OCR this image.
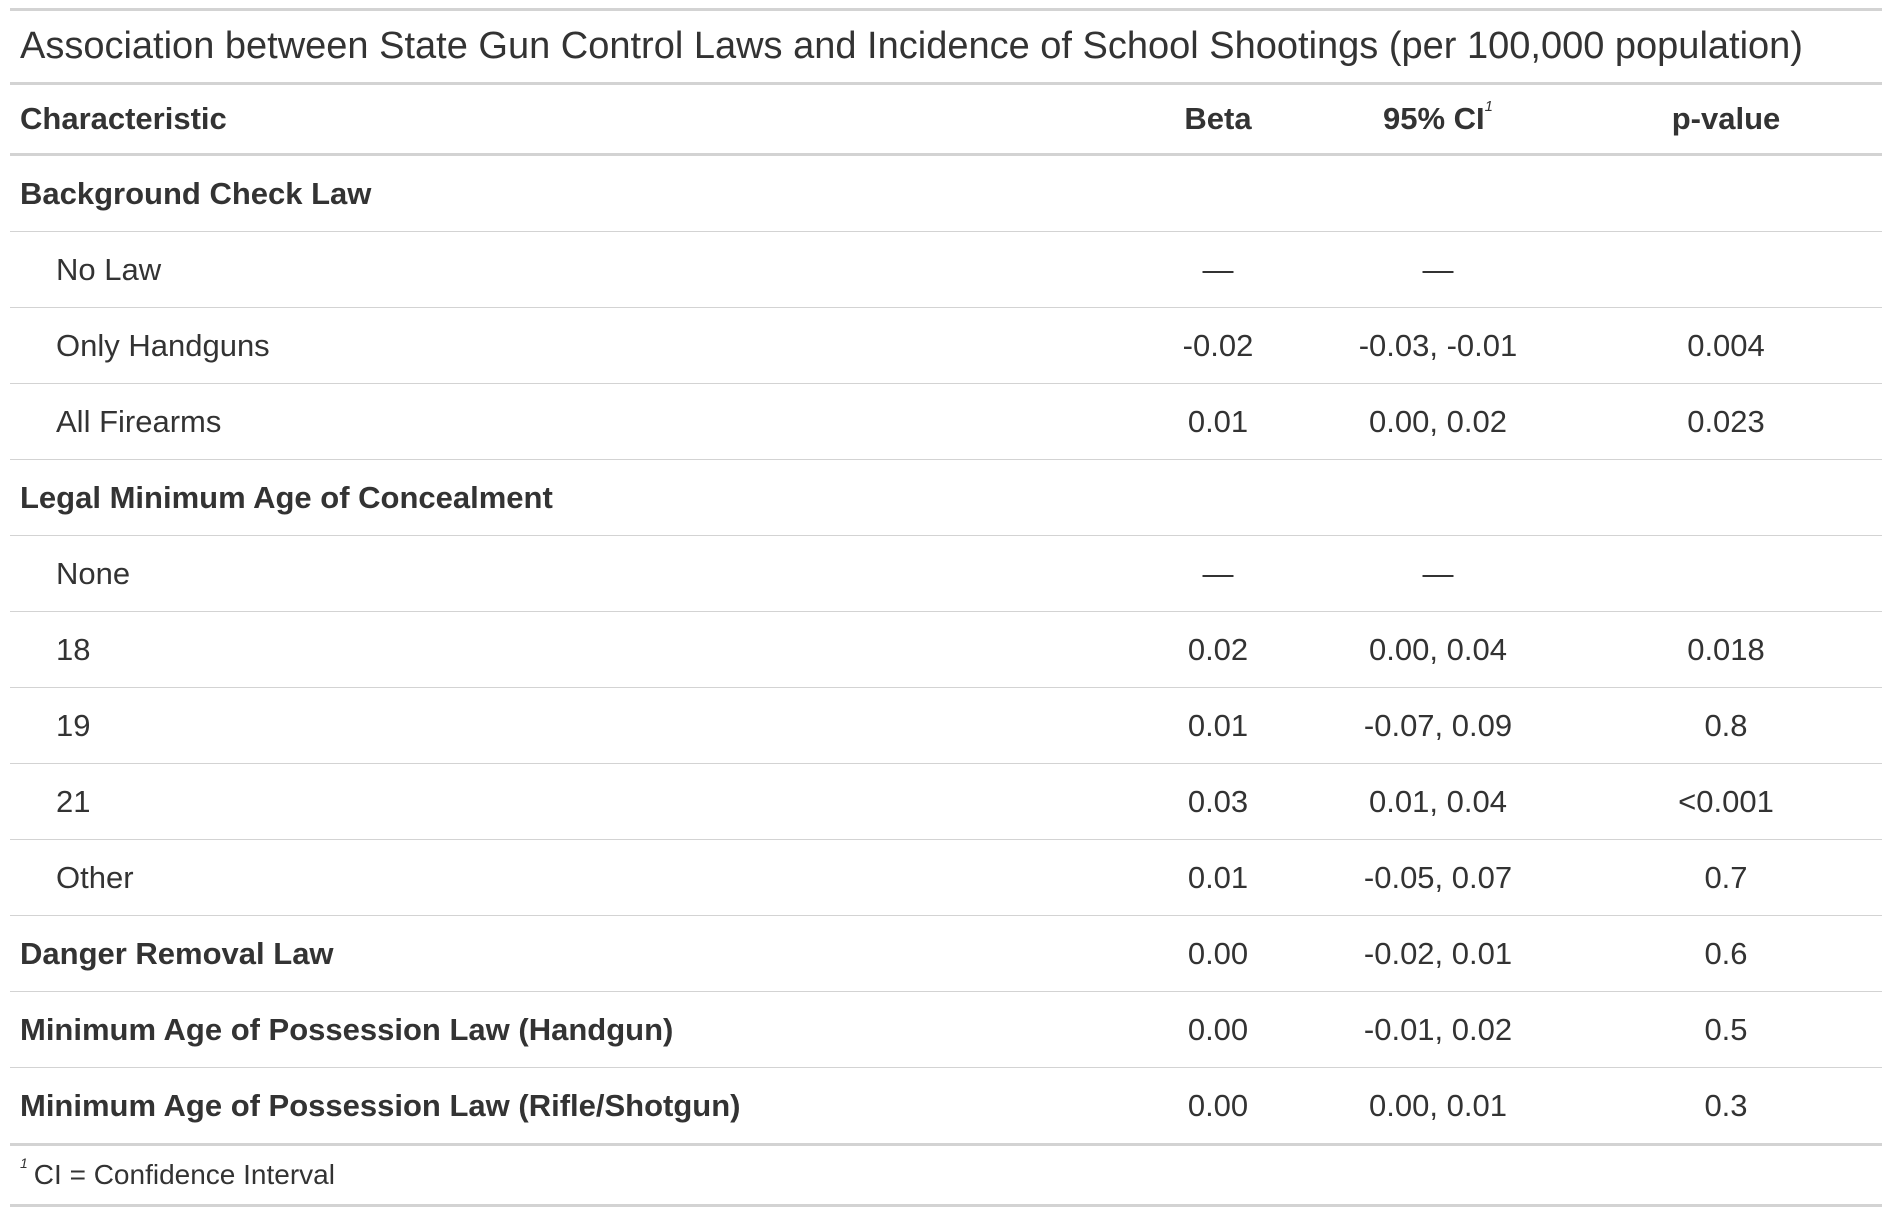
Association between State Gun Control Laws and Incidence of School Shootings (per 100,000 population)
Characteristic	Beta	95% CI$^1$	p-value
Background Check Law			
No Law	—	—	
Only Handguns	-0.02	-0.03, -0.01	0.004
All Firearms	0.01	0.00, 0.02	0.023
Legal Minimum Age of Concealment			
None	—	—	
18	0.02	0.00, 0.04	0.018
19	0.01	-0.07, 0.09	0.8
21	0.03	0.01, 0.04	<0.001
Other	0.01	-0.05, 0.07	0.7
Danger Removal Law	0.00	-0.02, 0.01	0.6
Minimum Age of Possession Law (Handgun)	0.00	-0.01, 0.02	0.5
Minimum Age of Possession Law (Rifle/Shotgun)	0.00	0.00, 0.01	0.3
$^1$ CI = Confidence Interval
